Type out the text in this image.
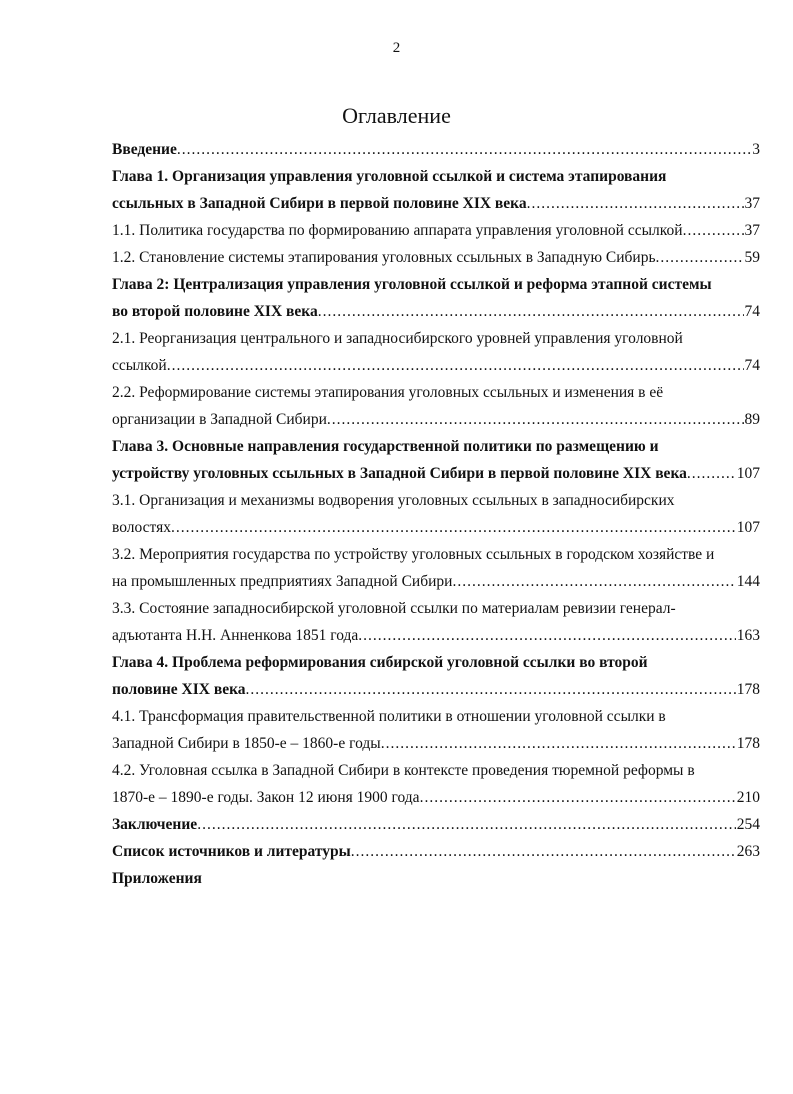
2
Оглавление
Введение .....	3
Глава 1. Организация управления уголовной ссылкой и система этапирования
ссыльных в Западной Сибири в первой половине XIX века .....	37
1.1. Политика государства по формированию аппарата управления уголовной ссылкой .....	37
1.2. Становление системы этапирования уголовных ссыльных в Западную Сибирь .....	59
Глава 2: Централизация управления уголовной ссылкой и реформа этапной системы
во второй половине XIX века .....	74
2.1. Реорганизация центрального и западносибирского уровней управления уголовной
ссылкой .....	74
2.2. Реформирование системы этапирования уголовных ссыльных и изменения в её
организации в Западной Сибири .....	89
Глава 3. Основные направления государственной политики по размещению и
устройству уголовных ссыльных в Западной Сибири в первой половине XIX века .....	107
3.1. Организация и механизмы водворения уголовных ссыльных в западносибирских
волостях .....	107
3.2. Мероприятия государства по устройству уголовных ссыльных в городском хозяйстве и
на промышленных предприятиях Западной Сибири .....	144
3.3. Состояние западносибирской уголовной ссылки по материалам ревизии генерал-
адъютанта Н.Н. Анненкова 1851 года .....	163
Глава 4. Проблема реформирования сибирской уголовной ссылки во второй
половине XIX века .....	178
4.1. Трансформация правительственной политики в отношении уголовной ссылки в
Западной Сибири в 1850-е – 1860-е годы .....	178
4.2. Уголовная ссылка в Западной Сибири в контексте проведения тюремной реформы в
1870-е – 1890-е годы. Закон 12 июня 1900 года .....	210
Заключение .....	254
Список источников и литературы .....	263
Приложения
